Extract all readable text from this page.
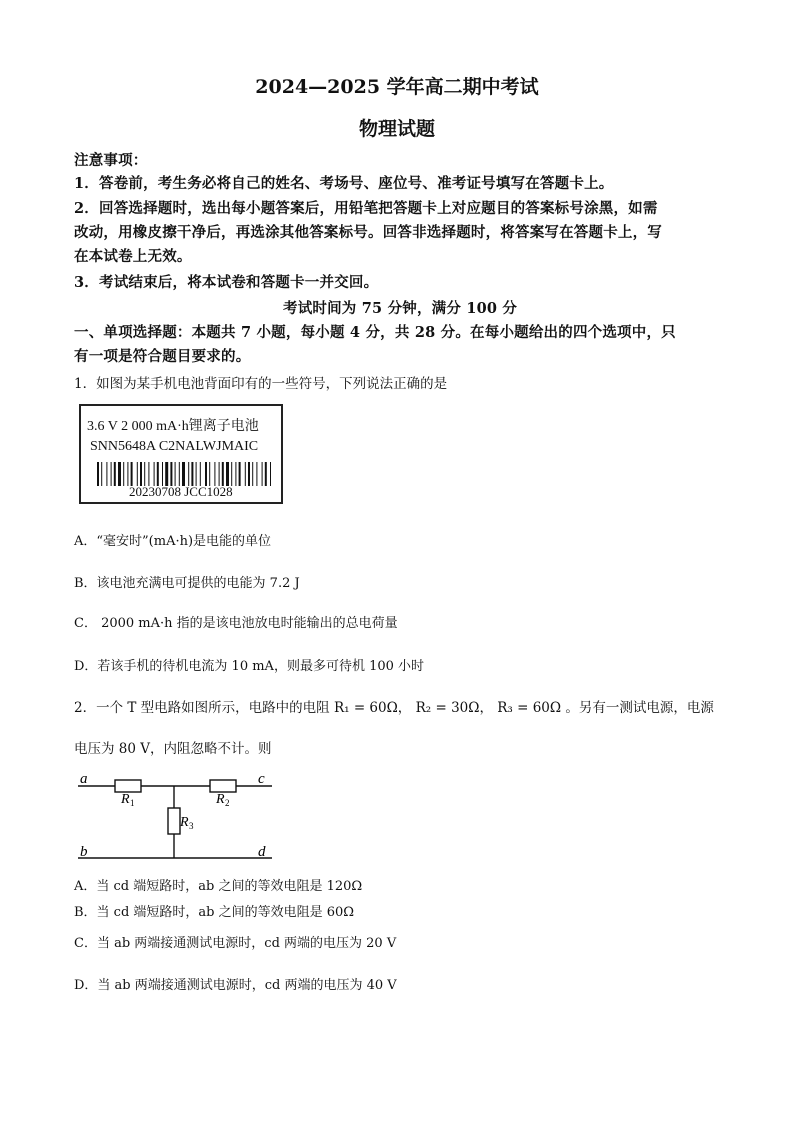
2024—2025 学年高二期中考试
物理试题
注意事项：
1．答卷前，考生务必将自己的姓名、考场号、座位号、准考证号填写在答题卡上。
2．回答选择题时，选出每小题答案后，用铅笔把答题卡上对应题目的答案标号涂黑，如需
改动，用橡皮擦干净后，再选涂其他答案标号。回答非选择题时，将答案写在答题卡上，写
在本试卷上无效。
3．考试结束后，将本试卷和答题卡一并交回。
考试时间为 75 分钟，满分 100 分
一、单项选择题：本题共 7 小题，每小题 4 分，共 28 分。在每小题给出的四个选项中，只
有一项是符合题目要求的。
1．如图为某手机电池背面印有的一些符号，下列说法正确的是
3.6 V 2 000 mA·h锂离子电池
SNN5648A C2NALWJMAIC
20230708 JCC1028
A．“毫安时”(mA·h)是电能的单位
B．该电池充满电可提供的电能为 7.2 J
C． 2000 mA·h 指的是该电池放电时能输出的总电荷量
D．若该手机的待机电流为 10 mA，则最多可待机 100 小时
2．一个 T 型电路如图所示，电路中的电阻 R₁ = 60Ω， R₂ = 30Ω， R₃ = 60Ω 。另有一测试电源，电源
电压为 80 V，内阻忽略不计。则
a	c
b	d
R 1	R 2
R 3
A．当 cd 端短路时，ab 之间的等效电阻是 120Ω
B．当 cd 端短路时，ab 之间的等效电阻是 60Ω
C．当 ab 两端接通测试电源时，cd 两端的电压为 20 V
D．当 ab 两端接通测试电源时，cd 两端的电压为 40 V
